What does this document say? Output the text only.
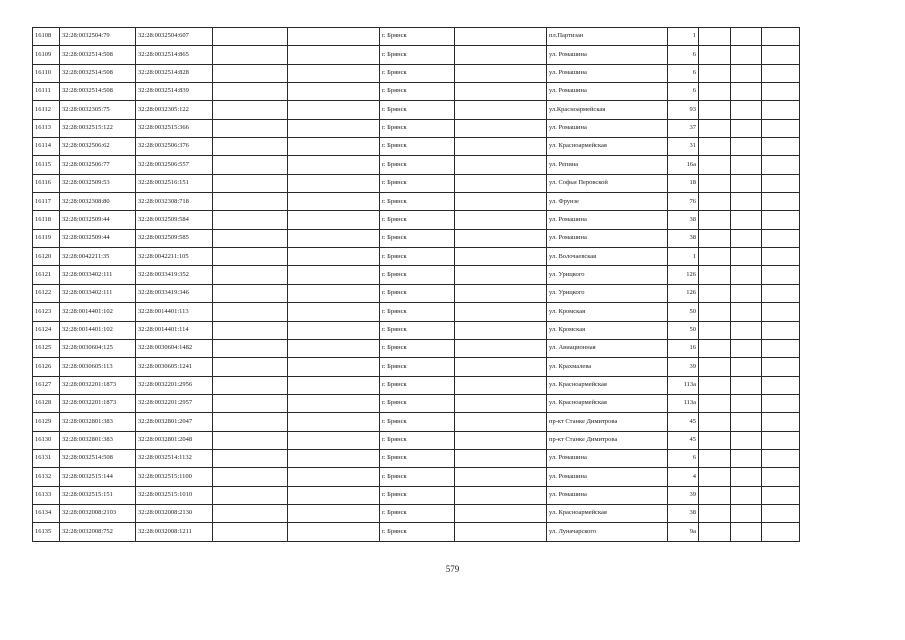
16108	32:28:0032504:79	32:28:0032504:607			г. Брянск		пл.Партизан	1			
16109	32:28:0032514:508	32:28:0032514:865			г. Брянск		ул. Ромашина	6			
16110	32:28:0032514:508	32:28:0032514:828			г. Брянск		ул. Ромашина	6			
16111	32:28:0032514:508	32:28:0032514:839			г. Брянск		ул. Ромашина	6			
16112	32:28:0032305:75	32:28:0032305:122			г. Брянск		ул.Красноармейская	93			
16113	32:28:0032515:122	32:28:0032515:366			г. Брянск		ул. Ромашина	37			
16114	32:28:0032506:62	32:28:0032506:376			г. Брянск		ул. Красноармейская	31			
16115	32:28:0032506:77	32:28:0032506:557			г. Брянск		ул. Репина	16а			
16116	32:28:0032509:53	32:28:0032516:151			г. Брянск		ул. Софьи Перовской	18			
16117	32:28:0032308:80	32:28:0032308:718			г. Брянск		ул. Фрунзе	76			
16118	32:28:0032509:44	32:28:0032509:584			г. Брянск		ул. Ромашина	38			
16119	32:28:0032509:44	32:28:0032509:585			г. Брянск		ул. Ромашина	38			
16120	32:28:0042211:35	32:28:0042211:105			г. Брянск		ул. Волочаевская	1			
16121	32:28:0033402:111	32:28:0033419:352			г. Брянск		ул. Урицкого	126			
16122	32:28:0033402:111	32:28:0033419:346			г. Брянск		ул. Урицкого	126			
16123	32:28:0014401:102	32:28:0014401:113			г. Брянск		ул. Кромская	50			
16124	32:28:0014401:102	32:28:0014401:114			г. Брянск		ул. Кромская	50			
16125	32:28:0030604:125	32:28:0030604:1482			г. Брянск		ул. Авиационная	16			
16126	32:28:0030605:113	32:28:0030605:1241			г. Брянск		ул. Крахмалева	39			
16127	32:28:0032201:1873	32:28:0032201:2956			г. Брянск		ул. Красноармейская	113а			
16128	32:28:0032201:1873	32:28:0032201:2957			г. Брянск		ул. Красноармейская	113а			
16129	32:28:0032801:383	32:28:0032801:2047			г. Брянск		пр-кт Станке Димитрова	45			
16130	32:28:0032801:383	32:28:0032801:2048			г. Брянск		пр-кт Станке Димитрова	45			
16131	32:28:0032514:508	32:28:0032514:1132			г. Брянск		ул. Ромашина	6			
16132	32:28:0032515:144	32:28:0032515:1100			г. Брянск		ул. Ромашина	4			
16133	32:28:0032515:151	32:28:0032515:1010			г. Брянск		ул. Ромашина	39			
16134	32:28:0032008:2103	32:28:0032008:2130			г. Брянск		ул. Красноармейская	38			
16135	32:28:0032008:752	32:28:0032008:1211			г. Брянск		ул. Луначарского	9а			
579
